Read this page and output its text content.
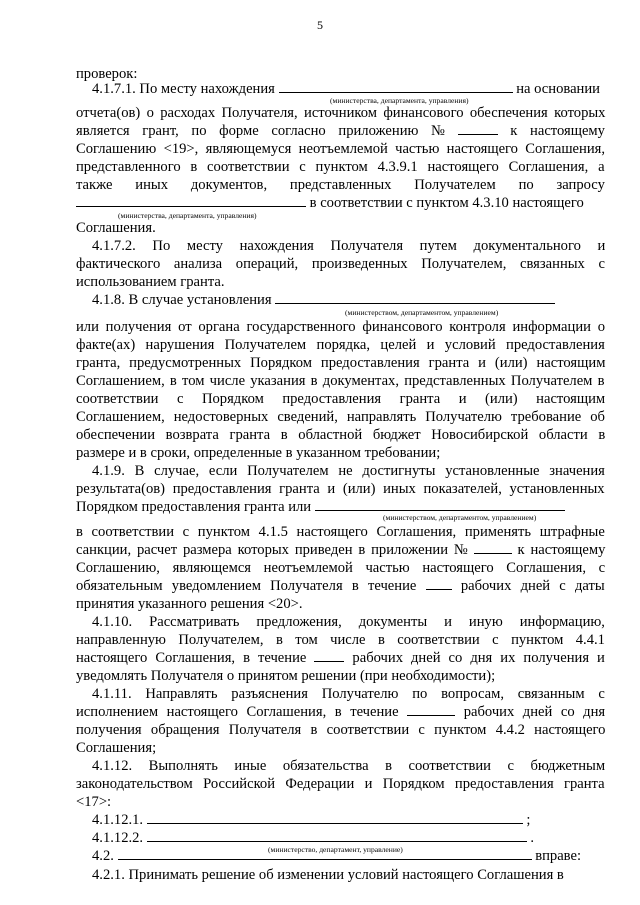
5
проверок:
4.1.7.1. По месту нахождения	на основании
отчета(ов) о расходах Получателя, источником финансового обеспечения которых
является грант, по форме согласно приложению №	к настоящему
Соглашению <19>, являющемуся неотъемлемой частью настоящего Соглашения,
представленного в соответствии с пунктом 4.3.9.1 настоящего Соглашения, а
также иных документов, представленных Получателем по запросу
в соответствии с пунктом 4.3.10 настоящего
Соглашения.
4.1.7.2. По месту нахождения Получателя путем документального и
фактического анализа операций, произведенных Получателем, связанных с
использованием гранта.
4.1.8. В случае установления
или получения от органа государственного финансового контроля информации о
факте(ах) нарушения Получателем порядка, целей и условий предоставления
гранта, предусмотренных Порядком предоставления гранта и (или) настоящим
Соглашением, в том числе указания в документах, представленных Получателем в
соответствии с Порядком предоставления гранта и (или) настоящим
Соглашением, недостоверных сведений, направлять Получателю требование об
обеспечении возврата гранта в областной бюджет Новосибирской области в
размере и в сроки, определенные в указанном требовании;
4.1.9. В случае, если Получателем не достигнуты установленные значения
результата(ов) предоставления гранта и (или) иных показателей, установленных
Порядком предоставления гранта или
в соответствии с пунктом 4.1.5 настоящего Соглашения, применять штрафные
санкции, расчет размера которых приведен в приложении №	к настоящему
Соглашению, являющемся неотъемлемой частью настоящего Соглашения, с
обязательным уведомлением Получателя в течение	рабочих дней с даты
принятия указанного решения <20>.
4.1.10. Рассматривать предложения, документы и иную информацию,
направленную Получателем, в том числе в соответствии с пунктом 4.4.1
настоящего Соглашения, в течение	рабочих дней со дня их получения и
уведомлять Получателя о принятом решении (при необходимости);
4.1.11. Направлять разъяснения Получателю по вопросам, связанным с
исполнением настоящего Соглашения, в течение	рабочих дней со дня
получения обращения Получателя в соответствии с пунктом 4.4.2 настоящего
Соглашения;
4.1.12. Выполнять иные обязательства в соответствии с бюджетным
законодательством Российской Федерации и Порядком предоставления гранта
<17>:
4.1.12.1.	;
4.1.12.2.	.
4.2.	вправе:
4.2.1. Принимать решение об изменении условий настоящего Соглашения в
(министерства, департамента, управления)
(министерства, департамента, управления)
(министерством, департаментом, управлением)
(министерством, департаментом, управлением)
(министерство, департамент, управление)
